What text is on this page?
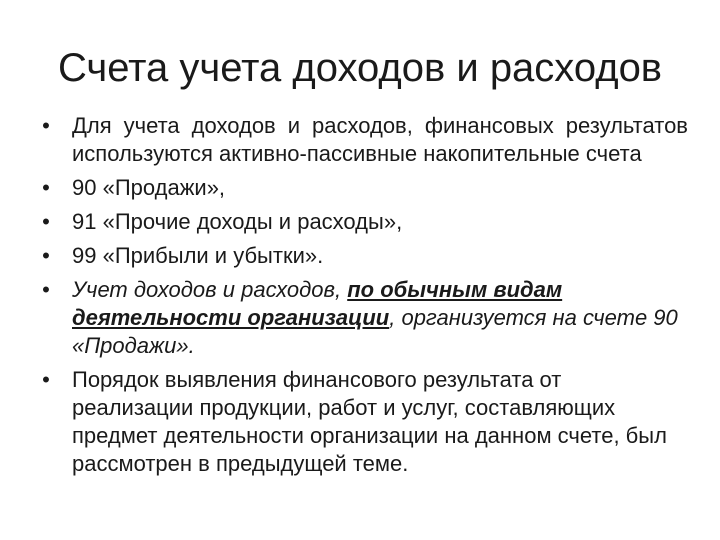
Счета учета доходов и расходов
• Для учета доходов и расходов, финансовых результатов используются активно-пассивные накопительные счета
• 90 «Продажи»,
• 91 «Прочие доходы и расходы»,
• 99 «Прибыли и убытки».
• Учет доходов и расходов, по обычным видам деятельности организации, организуется на счете 90 «Продажи».
• Порядок выявления финансового результата от реализации продукции, работ и услуг, составляющих предмет деятельности организации на данном счете, был рассмотрен в предыдущей теме.
